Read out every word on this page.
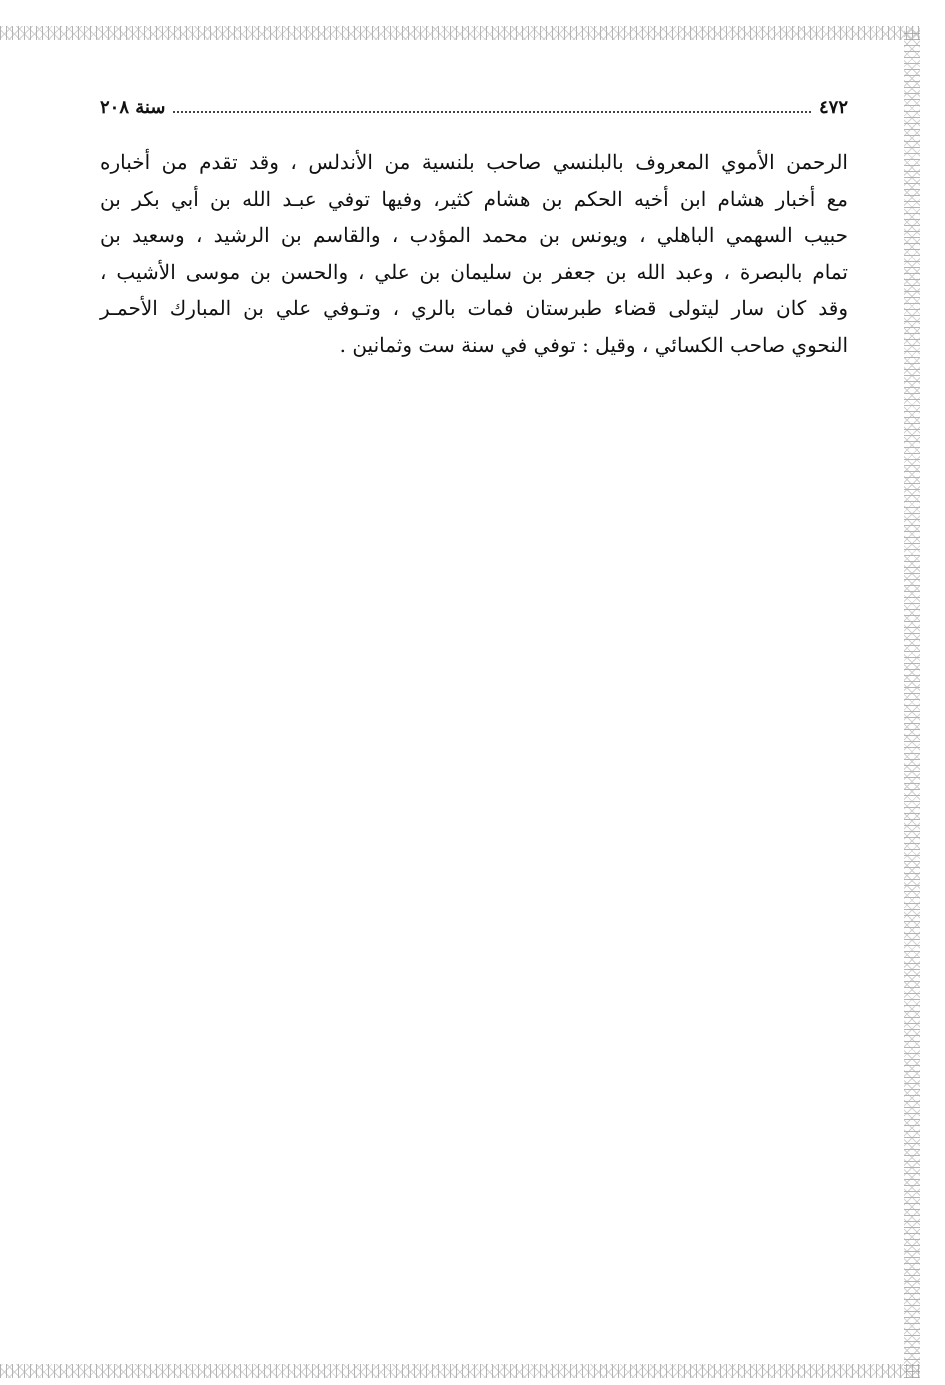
٤٧٢
سنة ٢٠٨

الرحمن الأموي المعروف بالبلنسي صاحب بلنسية من الأندلس ، وقد تقدم من أخباره
مع أخبار هشام ابن أخيه الحكم بن هشام كثير، وفيها توفي عبـد الله بن أبي بكر بن
حبيب السهمي الباهلي ، ويونس بن محمد المؤدب ، والقاسم بن الرشيد ، وسعيد بن
تمام بالبصرة ، وعبد الله بن جعفر بن سليمان بن علي ، والحسن بن موسى الأشيب ،
وقد كان سار ليتولى قضاء طبرستان فمات بالري ، وتـوفي علي بن المبارك الأحمـر
النحوي صاحب الكسائي ، وقيل : توفي في سنة ست وثمانين .
